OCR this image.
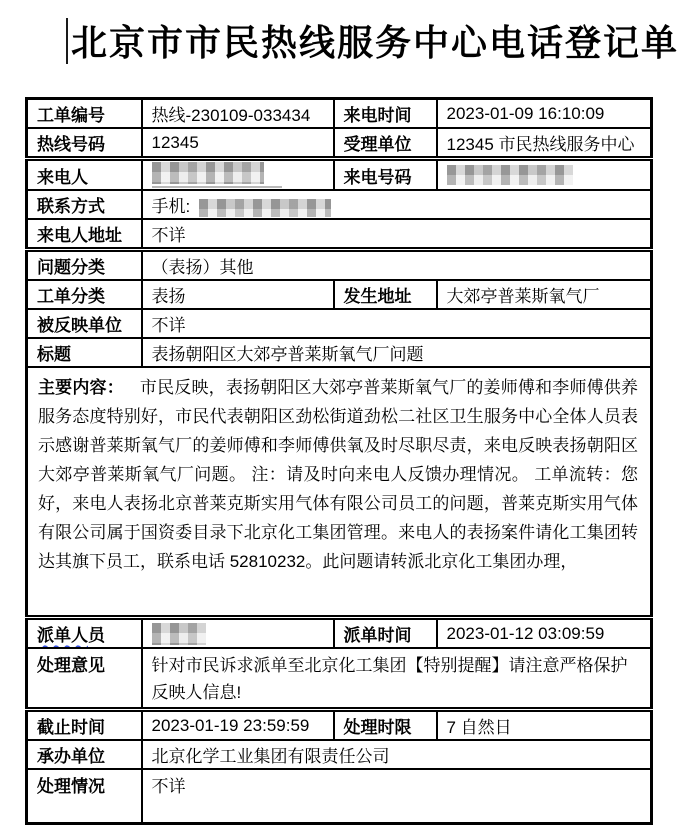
北京市市民热线服务中心电话登记单
工单编号	热线-230109-033434	来电时间	2023-01-09 16:10:09
热线号码	12345	受理单位	12345 市民热线服务中心
来电人		来电号码	
联系方式	手机:		
来电人地址	不详		
问题分类	（表扬）其他		
工单分类	表扬	发生地址	大郊亭普莱斯氧气厂
被反映单位	不详		
标题	表扬朝阳区大郊亭普莱斯氧气厂问题		
主要内容： 市民反映，表扬朝阳区大郊亭普莱斯氧气厂的姜师傅和李师傅供养服务态度特别好，市民代表朝阳区劲松街道劲松二社区卫生服务中心全体人员表示感谢普莱斯氧气厂的姜师傅和李师傅供氧及时尽职尽责，来电反映表扬朝阳区大郊亭普莱斯氧气厂问题。 注：请及时向来电人反馈办理情况。 工单流转：您好，来电人表扬北京普莱克斯实用气体有限公司员工的问题，普莱克斯实用气体有限公司属于国资委目录下北京化工集团管理。来电人的表扬案件请化工集团转达其旗下员工，联系电话 52810232。此问题请转派北京化工集团办理，			
派单人员		派单时间	2023-01-12 03:09:59
处理意见	针对市民诉求派单至北京化工集团【特别提醒】请注意严格保护反映人信息!		
截止时间	2023-01-19 23:59:59	处理时限	7 自然日
承办单位	北京化学工业集团有限责任公司		
处理情况	不详		
